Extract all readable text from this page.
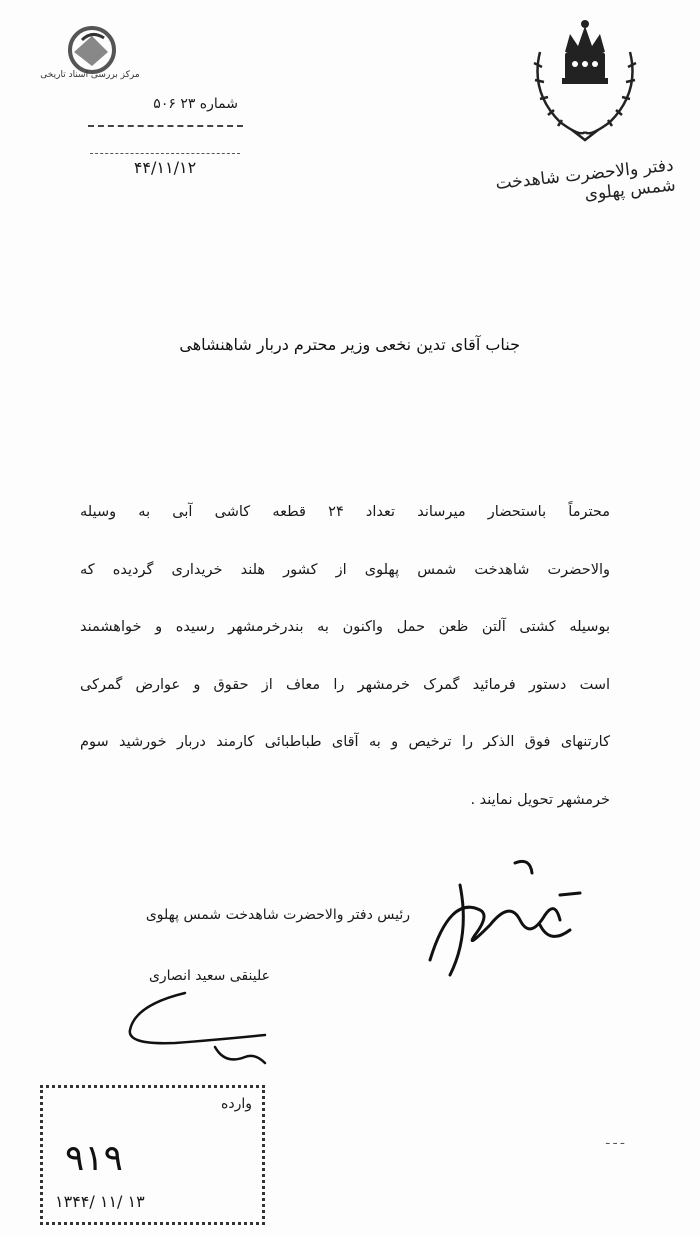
مرکز بررسی اسناد تاریخی
دفتر والاحضرت شاهدخت شمس پهلوی
شماره ۲۳ ۵۰۶
۴۴/۱۱/۱۲
جناب آقای تدین نخعی وزیر محترم دربار شاهنشاهی
محترماً باستحضار میرساند تعداد ۲۴ قطعه کاشی آبی به وسیله
والاحضرت شاهدخت شمس پهلوی از کشور هلند خریداری گردیده که
بوسیله کشتی آلتن ظعن حمل واکنون به بندرخرمشهر رسیده و خواهشمند
است دستور فرمائید گمرک خرمشهر را معاف از حقوق و عوارض گمرکی
کارتنهای فوق الذکر را ترخیص و به آقای طباطبائی کارمند دربار خورشید سوم
خرمشهر تحویل نمایند .
رئیس دفتر والاحضرت شاهدخت شمس پهلوی
علینقی سعید انصاری
وارده
۹۱۹
۱۳۴۴/ ۱۱/ ۱۳
ـ ـ ـ
